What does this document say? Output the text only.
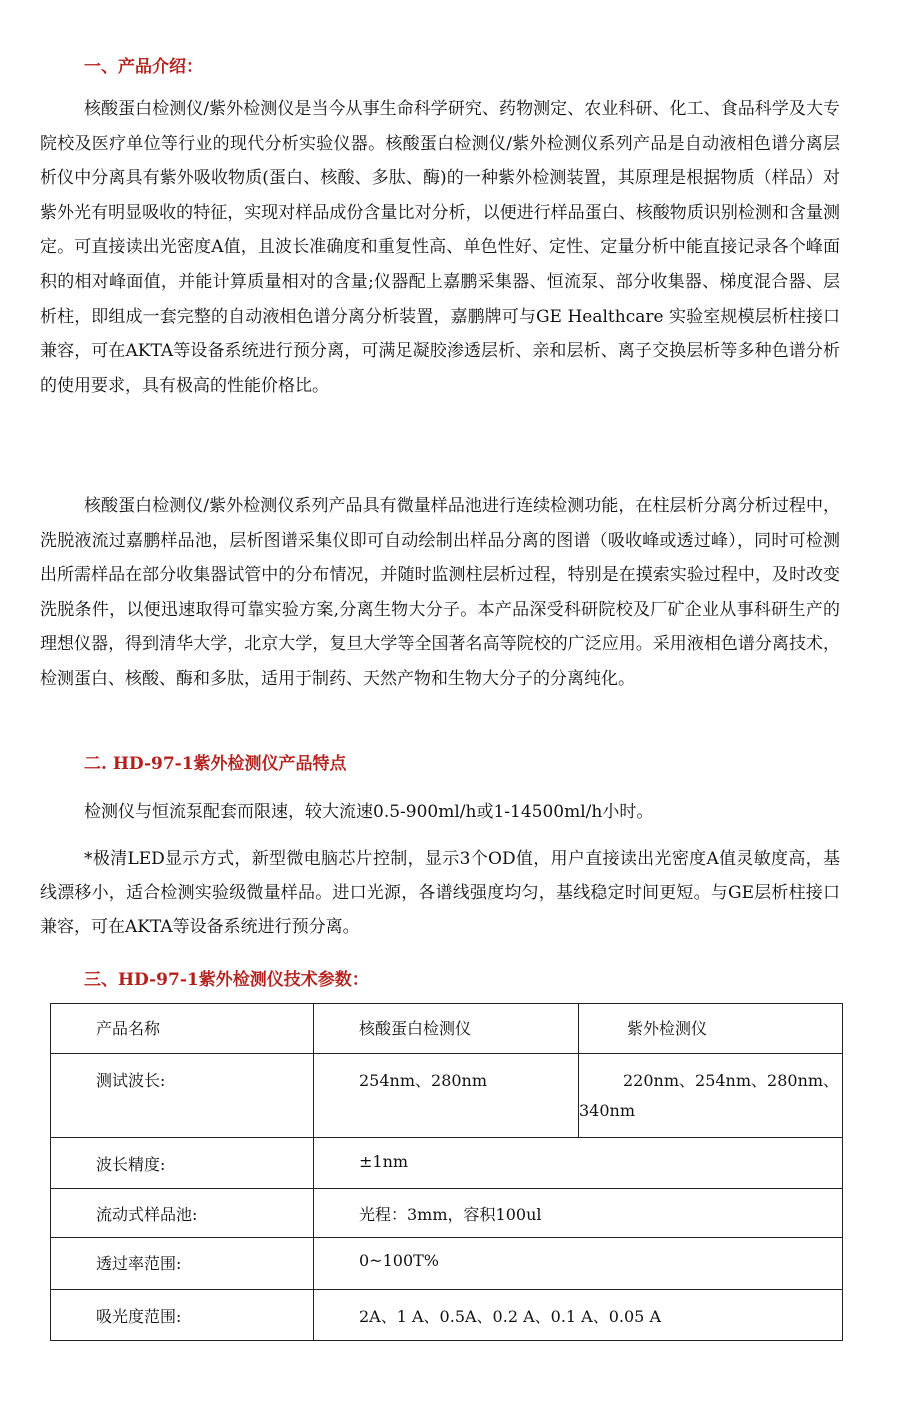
一、产品介绍：
核酸蛋白检测仪/紫外检测仪是当今从事生命科学研究、药物测定、农业科研、化工、食品科学及大专院校及医疗单位等行业的现代分析实验仪器。核酸蛋白检测仪/紫外检测仪系列产品是自动液相色谱分离层析仪中分离具有紫外吸收物质(蛋白、核酸、多肽、酶)的一种紫外检测装置，其原理是根据物质（样品）对紫外光有明显吸收的特征，实现对样品成份含量比对分析，以便进行样品蛋白、核酸物质识别检测和含量测定。可直接读出光密度A值，且波长准确度和重复性高、单色性好、定性、定量分析中能直接记录各个峰面积的相对峰面值，并能计算质量相对的含量;仪器配上嘉鹏采集器、恒流泵、部分收集器、梯度混合器、层析柱，即组成一套完整的自动液相色谱分离分析装置，嘉鹏牌可与GE Healthcare 实验室规模层析柱接口兼容，可在AKTA等设备系统进行预分离，可满足凝胶渗透层析、亲和层析、离子交换层析等多种色谱分析的使用要求，具有极高的性能价格比。
核酸蛋白检测仪/紫外检测仪系列产品具有微量样品池进行连续检测功能，在柱层析分离分析过程中，洗脱液流过嘉鹏样品池，层析图谱采集仪即可自动绘制出样品分离的图谱（吸收峰或透过峰），同时可检测出所需样品在部分收集器试管中的分布情况，并随时监测柱层析过程，特别是在摸索实验过程中，及时改变洗脱条件，以便迅速取得可靠实验方案,分离生物大分子。本产品深受科研院校及厂矿企业从事科研生产的理想仪器，得到清华大学，北京大学，复旦大学等全国著名高等院校的广泛应用。采用液相色谱分离技术，检测蛋白、核酸、酶和多肽，适用于制药、天然产物和生物大分子的分离纯化。
二. HD-97-1紫外检测仪产品特点
检测仪与恒流泵配套而限速，较大流速0.5-900ml/h或1-14500ml/h小时。
*极清LED显示方式，新型微电脑芯片控制，显示3个OD值，用户直接读出光密度A值灵敏度高，基线漂移小，适合检测实验级微量样品。进口光源，各谱线强度均匀，基线稳定时间更短。与GE层析柱接口兼容，可在AKTA等设备系统进行预分离。
三、HD-97-1紫外检测仪技术参数：
产品名称	核酸蛋白检测仪	紫外检测仪

测试波长:	254nm、280nm	220nm、254nm、280nm、
340nm

波长精度:	±1nm	

流动式样品池:	光程：3mm，容积100ul	

透过率范围:	0~100T%	

吸光度范围:	2A、1 A、0.5A、0.2 A、0.1 A、0.05 A	
